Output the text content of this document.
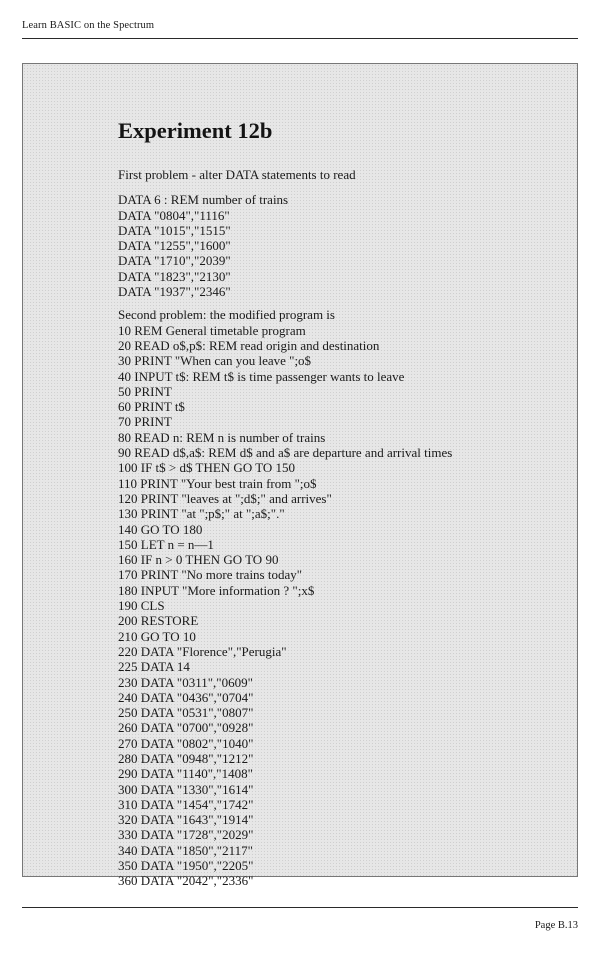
Learn BASIC on the Spectrum
Experiment 12b

First problem - alter DATA statements to read

DATA 6 : REM number of trains
DATA "0804","1116"
DATA "1015","1515"
DATA "1255","1600"
DATA "1710","2039"
DATA "1823","2130"
DATA "1937","2346"

Second problem: the modified program is

10 REM General timetable program
20 READ o$,p$: REM read origin and destination
30 PRINT "When can you leave ";o$
40 INPUT t$: REM t$ is time passenger wants to leave
50 PRINT
60 PRINT t$
70 PRINT
80 READ n: REM n is number of trains
90 READ d$,a$: REM d$ and a$ are departure and arrival times
100 IF t$ > d$ THEN GO TO 150
110 PRINT "Your best train from ";o$
120 PRINT "leaves at ";d$;" and arrives"
130 PRINT "at ";p$;" at ";a$;"."
140 GO TO 180
150 LET n = n—1
160 IF n > 0 THEN GO TO 90
170 PRINT "No more trains today"
180 INPUT "More information ? ";x$
190 CLS
200 RESTORE
210 GO TO 10
220 DATA "Florence","Perugia"
225 DATA 14
230 DATA "0311","0609"
240 DATA "0436","0704"
250 DATA "0531","0807"
260 DATA "0700","0928"
270 DATA "0802","1040"
280 DATA "0948","1212"
290 DATA "1140","1408"
300 DATA "1330","1614"
310 DATA "1454","1742"
320 DATA "1643","1914"
330 DATA "1728","2029"
340 DATA "1850","2117"
350 DATA "1950","2205"
360 DATA "2042","2336"
Page B.13
